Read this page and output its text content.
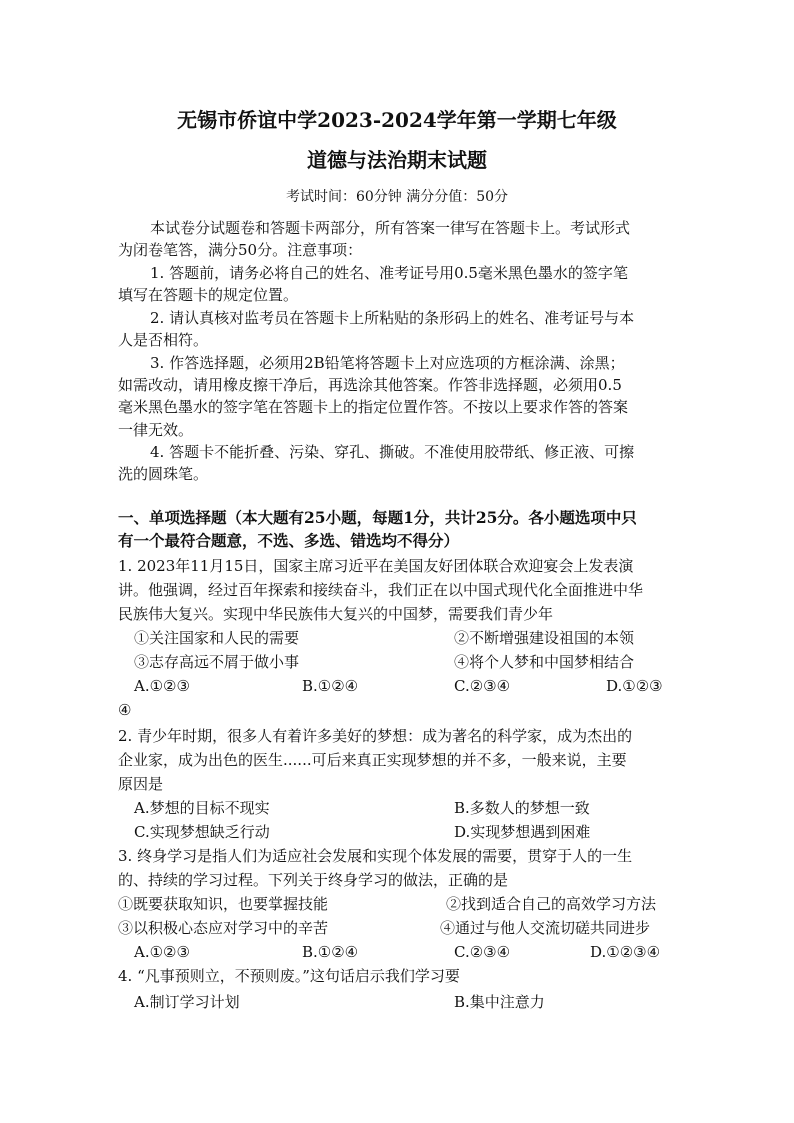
无锡市侨谊中学2023-2024学年第一学期七年级
道德与法治期末试题
考试时间：60分钟 满分分值：50分
本试卷分试题卷和答题卡两部分，所有答案一律写在答题卡上。考试形式
为闭卷笔答，满分50分。注意事项：
1. 答题前，请务必将自己的姓名、准考证号用0.5毫米黑色墨水的签字笔
填写在答题卡的规定位置。
2. 请认真核对监考员在答题卡上所粘贴的条形码上的姓名、准考证号与本
人是否相符。
3. 作答选择题，必须用2B铅笔将答题卡上对应选项的方框涂满、涂黑；
如需改动，请用橡皮擦干净后，再选涂其他答案。作答非选择题，必须用0.5
毫米黑色墨水的签字笔在答题卡上的指定位置作答。不按以上要求作答的答案
一律无效。
4. 答题卡不能折叠、污染、穿孔、撕破。不准使用胶带纸、修正液、可擦
洗的圆珠笔。
一、单项选择题（本大题有25小题，每题1分，共计25分。各小题选项中只
有一个最符合题意，不选、多选、错选均不得分）
1. 2023年11月15日，国家主席习近平在美国友好团体联合欢迎宴会上发表演
讲。他强调，经过百年探索和接续奋斗，我们正在以中国式现代化全面推进中华
民族伟大复兴。实现中华民族伟大复兴的中国梦，需要我们青少年
①关注国家和人民的需要	②不断增强建设祖国的本领
③志存高远不屑于做小事	④将个人梦和中国梦相结合
A.①②③	B.①②④	C.②③④	D.①②③
④
2. 青少年时期，很多人有着许多美好的梦想：成为著名的科学家，成为杰出的
企业家，成为出色的医生......可后来真正实现梦想的并不多，一般来说，主要
原因是
A.梦想的目标不现实	B.多数人的梦想一致
C.实现梦想缺乏行动	D.实现梦想遇到困难
3. 终身学习是指人们为适应社会发展和实现个体发展的需要，贯穿于人的一生
的、持续的学习过程。下列关于终身学习的做法，正确的是
①既要获取知识，也要掌握技能	②找到适合自己的高效学习方法
③以积极心态应对学习中的辛苦	④通过与他人交流切磋共同进步
A.①②③	B.①②④	C.②③④	D.①②③④
4. “凡事预则立，不预则废。”这句话启示我们学习要
A.制订学习计划	B.集中注意力
